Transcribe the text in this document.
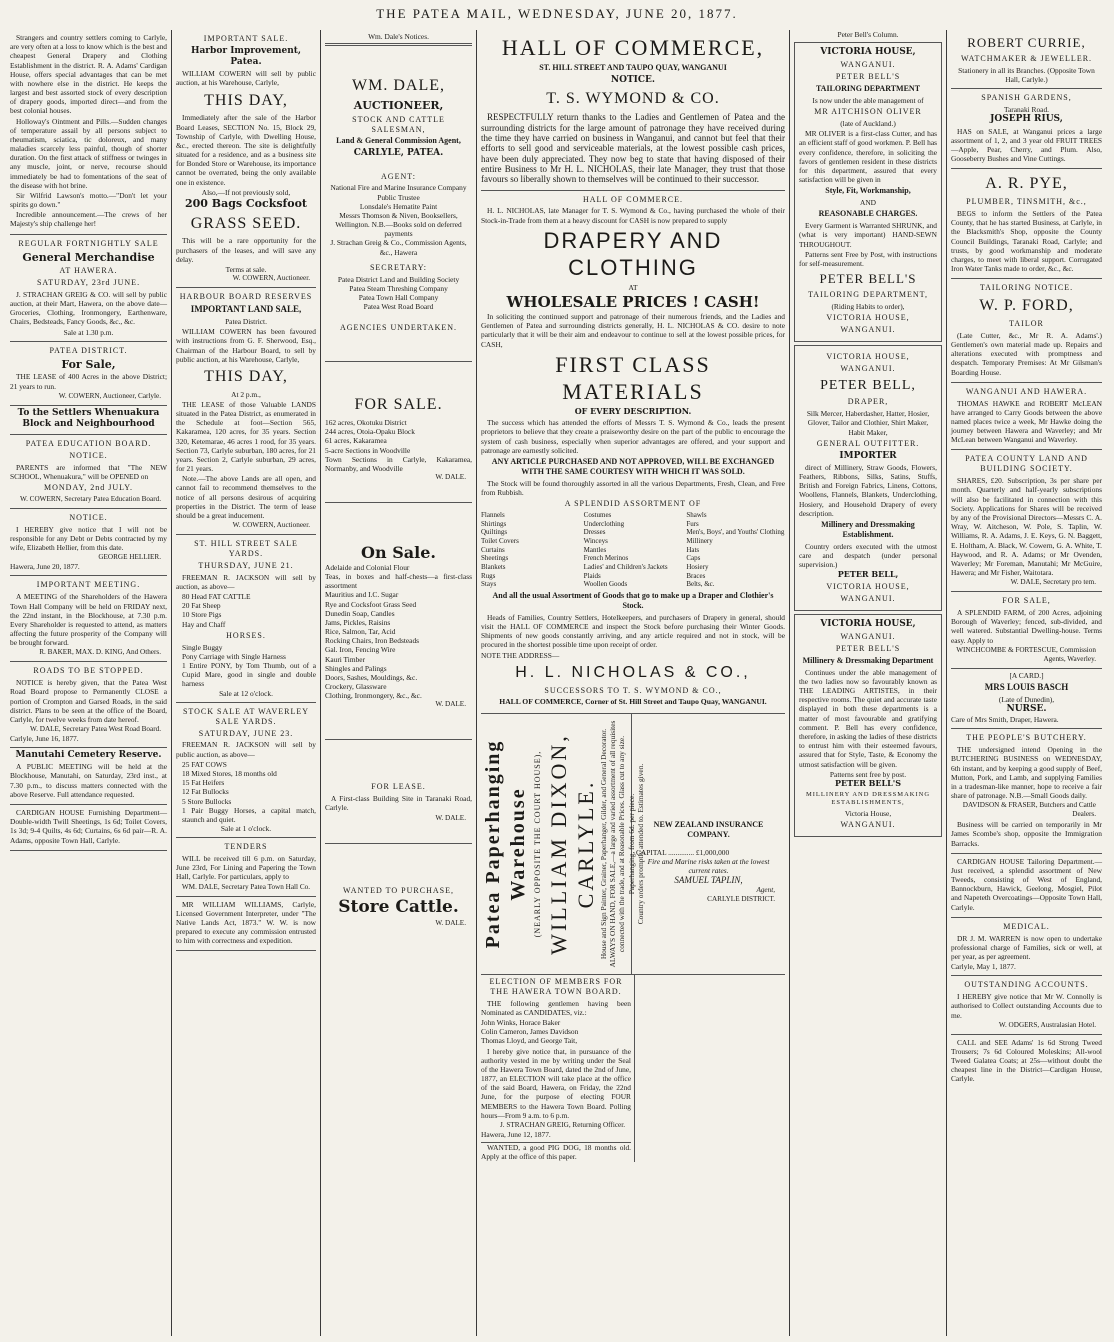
THE PATEA MAIL, WEDNESDAY, JUNE 20, 1877.

Strangers and country settlers coming to Carlyle, are very often at a loss to know which is the best and cheapest General Drapery and Clothing Establishment in the district. R. A. Adams' Cardigan House, offers special advantages that can be met with nowhere else in the district. He keeps the largest and best assorted stock of every description of drapery goods, imported direct—and from the best colonial houses.

Holloway's Ointment and Pills.—Sudden changes of temperature assail by all persons subject to rheumatism, sciatica, tic doloreux, and many maladies scarcely less painful, though of shorter duration. On the first attack of stiffness or twinges in any muscle, joint, or nerve, recourse should immediately be had to fomentations of the seat of the disease with hot brine.

Sir Wilfrid Lawson's motto.—"Don't let your spirits go down."

Incredible announcement.—The crews of her Majesty's ship challenge her!

REGULAR FORTNIGHTLY SALE
General Merchandise
AT HAWERA.
SATURDAY, 23rd JUNE.

J. STRACHAN GREIG & CO. will sell by public auction, at their Mart, Hawera, on the above date—Groceries, Clothing, Ironmongery, Earthenware, Chairs, Bedsteads, Fancy Goods, &c., &c.

Sale at 1.30 p.m.
PATEA DISTRICT.
For Sale,

THE LEASE of 400 Acres in the above District; 21 years to run.

W. COWERN, Auctioneer, Carlyle.
To the Settlers Whenuakura Block and Neighbourhood
PATEA EDUCATION BOARD.
NOTICE.

PARENTS are informed that "The NEW SCHOOL, Whenuakura," will be OPENED on

MONDAY, 2nd JULY.
W. COWERN, Secretary Patea Education Board.
NOTICE.

I HEREBY give notice that I will not be responsible for any Debt or Debts contracted by my wife, Elizabeth Hellier, from this date.

GEORGE HELLIER.
Hawera, June 20, 1877.
IMPORTANT MEETING.

A MEETING of the Shareholders of the Hawera Town Hall Company will be held on FRIDAY next, the 22nd instant, in the Blockhouse, at 7.30 p.m. Every Shareholder is requested to attend, as matters affecting the future prosperity of the Company will be brought forward.

R. BAKER, MAX. D. KING, And Others.
ROADS TO BE STOPPED.

NOTICE is hereby given, that the Patea West Road Board propose to Permanently CLOSE a portion of Crompton and Garsed Roads, in the said district. Plans to be seen at the office of the Board, Carlyle, for twelve weeks from date hereof.

W. DALE, Secretary Patea West Road Board.
Carlyle, June 16, 1877.
Manutahi Cemetery Reserve.

A PUBLIC MEETING will be held at the Blockhouse, Manutahi, on Saturday, 23rd inst., at 7.30 p.m., to discuss matters connected with the above Reserve. Full attendance requested.

CARDIGAN HOUSE Furnishing Department—Double-width Twill Sheetings, 1s 6d; Toilet Covers, 1s 3d; 9-4 Quilts, 4s 6d; Curtains, 6s 6d pair—R. A. Adams, opposite Town Hall, Carlyle.

IMPORTANT SALE.
Harbor Improvement, Patea.

WILLIAM COWERN will sell by public auction, at his Warehouse, Carlyle,

THIS DAY,

Immediately after the sale of the Harbor Board Leases, SECTION No. 15, Block 29, Township of Carlyle, with Dwelling House, &c., erected thereon. The site is delightfully situated for a residence, and as a business site for Bonded Store or Warehouse, its importance cannot be overrated, being the only available one in existence.

Also,—If not previously sold,
200 Bags Cocksfoot
GRASS SEED.

This will be a rare opportunity for the purchasers of the leases, and will save any delay.

Terms at sale.
W. COWERN, Auctioneer.
HARBOUR BOARD RESERVES
IMPORTANT LAND SALE,
Patea District.

WILLIAM COWERN has been favoured with instructions from G. F. Sherwood, Esq., Chairman of the Harbour Board, to sell by public auction, at his Warehouse, Carlyle,

THIS DAY,
At 2 p.m.,

THE LEASE of those Valuable LANDS situated in the Patea District, as enumerated in the Schedule at foot—Section 565, Kakaramea, 120 acres, for 35 years. Section 320, Ketemarae, 46 acres 1 rood, for 35 years. Section 73, Carlyle suburban, 180 acres, for 21 years. Section 2, Carlyle suburban, 29 acres, for 21 years.

Note.—The above Lands are all open, and cannot fail to recommend themselves to the notice of all persons desirous of acquiring properties in the District. The term of lease should be a great inducement.

W. COWERN, Auctioneer.
ST. HILL STREET SALE YARDS.
THURSDAY, JUNE 21.

FREEMAN R. JACKSON will sell by auction, as above—

80 Head FAT CATTLE
20 Fat Sheep
10 Store Pigs
Hay and Chaff
HORSES.
Single Buggy
Pony Carriage with Single Harness
1 Entire PONY, by Tom Thumb, out of a Cupid Mare, good in single and double harness
Sale at 12 o'clock.
STOCK SALE AT WAVERLEY SALE YARDS.
SATURDAY, JUNE 23.

FREEMAN R. JACKSON will sell by public auction, as above—

25 FAT COWS
18 Mixed Stores, 18 months old
15 Fat Heifers
12 Fat Bullocks
5 Store Bullocks
1 Pair Buggy Horses, a capital match, staunch and quiet.
Sale at 1 o'clock.
TENDERS

WILL be received till 6 p.m. on Saturday, June 23rd, For Lining and Papering the Town Hall, Carlyle. For particulars, apply to

WM. DALE, Secretary Patea Town Hall Co.

MR WILLIAM WILLIAMS, Carlyle, Licensed Government Interpreter, under "The Native Lands Act, 1873." W. W. is now prepared to execute any commission entrusted to him with correctness and expedition.

Wm. Dale's Notices.
WM. DALE,
AUCTIONEER,
STOCK AND CATTLE SALESMAN,
Land & General Commission Agent,
CARLYLE, PATEA.
AGENT:
National Fire and Marine Insurance Company
Public Trustee
Lonsdale's Hematite Paint
Messrs Thomson & Niven, Booksellers, Wellington. N.B.—Books sold on deferred payments
J. Strachan Greig & Co., Commission Agents, &c., Hawera
SECRETARY:
Patea District Land and Building Society
Patea Steam Threshing Company
Patea Town Hall Company
Patea West Road Board
AGENCIES UNDERTAKEN.
FOR SALE.
162 acres, Okotuku District
244 acres, Otoia-Opaku Block
61 acres, Kakaramea
5-acre Sections in Woodville
Town Sections in Carlyle, Kakaramea, Normanby, and Woodville
W. DALE.
On Sale.
Adelaide and Colonial Flour
Teas, in boxes and half-chests—a first-class assortment
Mauritius and I.C. Sugar
Rye and Cocksfoot Grass Seed
Dunedin Soap, Candles
Jams, Pickles, Raisins
Rice, Salmon, Tar, Acid
Rocking Chairs, Iron Bedsteads
Gal. Iron, Fencing Wire
Kauri Timber
Shingles and Palings
Doors, Sashes, Mouldings, &c.
Crockery, Glassware
Clothing, Ironmongery, &c., &c.
W. DALE.
FOR LEASE.

A First-class Building Site in Taranaki Road, Carlyle.

W. DALE.
WANTED TO PURCHASE,
Store Cattle.
W. DALE.
HALL OF COMMERCE,
ST. HILL STREET AND TAUPO QUAY, WANGANUI
NOTICE.
T. S. WYMOND & CO.

RESPECTFULLY return thanks to the Ladies and Gentlemen of Patea and the surrounding districts for the large amount of patronage they have received during the time they have carried on business in Wanganui, and cannot but feel that their efforts to sell good and serviceable materials, at the lowest possible cash prices, have been duly appreciated. They now beg to state that having disposed of their entire Business to Mr H. L. NICHOLAS, their late Manager, they trust that those favours so liberally shown to themselves will be continued to their successor.

HALL OF COMMERCE.

H. L. NICHOLAS, late Manager for T. S. Wymond & Co., having purchased the whole of their Stock-in-Trade from them at a heavy discount for CASH is now prepared to supply

DRAPERY AND CLOTHING
AT
WHOLESALE PRICES ! CASH!

In soliciting the continued support and patronage of their numerous friends, and the Ladies and Gentlemen of Patea and surrounding districts generally, H. L. NICHOLAS & CO. desire to note particularly that it will be their aim and endeavour to continue to sell at the lowest possible prices, for CASH,

FIRST CLASS MATERIALS
OF EVERY DESCRIPTION.

The success which has attended the efforts of Messrs T. S. Wymond & Co., leads the present proprietors to believe that they create a praiseworthy desire on the part of the public to encourage the system of cash business, especially when superior advantages are offered, and your support and patronage are earnestly solicited.

ANY ARTICLE PURCHASED AND NOT APPROVED, WILL BE EXCHANGED WITH THE SAME COURTESY WITH WHICH IT WAS SOLD.

The Stock will be found thoroughly assorted in all the various Departments, Fresh, Clean, and Free from Rubbish.

A SPLENDID ASSORTMENT OF
Flannels
Shirtings
Quiltings
Toilet Covers
Curtains
Sheetings
Blankets
Rugs
Stays
Costumes
Underclothing
Dresses
Winceys
Mantles
French Merinos
Ladies' and Children's Jackets
Plaids
Woollen Goods
Shawls
Furs
Men's, Boys', and Youths' Clothing
Millinery
Hats
Caps
Hosiery
Braces
Belts, &c.
And all the usual Assortment of Goods that go to make up a Draper and Clothier's Stock.

Heads of Families, Country Settlers, Hotelkeepers, and purchasers of Drapery in general, should visit the HALL OF COMMERCE and inspect the Stock before purchasing their Winter Goods. Shipments of new goods constantly arriving, and any article required and not in stock, will be procured in the shortest possible time upon receipt of order.

NOTE THE ADDRESS—
H. L. NICHOLAS & CO.,
SUCCESSORS TO T. S. WYMOND & CO.,
HALL OF COMMERCE, Corner of St. Hill Street and Taupo Quay, WANGANUI.
Patea Paperhanging Warehouse (NEARLY OPPOSITE THE COURT HOUSE), WILLIAM DIXON, CARLYLE. House and Sign Painter, Grainer, Paperhanger, Gilder, and General Decorator. ALWAYS ON HAND, FOR SALE,—a large and varied assortment of all requisites connected with the trade, and at Reasonable Prices. Glass cut to any size. Paperhanging, from 6d. per piece. Country orders promptly attended to. Estimates given.	NEW ZEALAND INSURANCE COMPANY.
CAPITAL .............. £1,000,000
Fire and Marine risks taken at the lowest current rates.
SAMUEL TAPLIN,
Agent,
CARLYLE DISTRICT.
ELECTION OF MEMBERS FOR THE HAWERA TOWN BOARD.

THE following gentlemen having been Nominated as CANDIDATES, viz.:

John Winks, Horace Baker
Colin Cameron, James Davidson
Thomas Lloyd, and George Tait,

I hereby give notice that, in pursuance of the authority vested in me by writing under the Seal of the Hawera Town Board, dated the 2nd of June, 1877, an ELECTION will take place at the office of the said Board, Hawera, on Friday, the 22nd June, for the purpose of electing FOUR MEMBERS to the Hawera Town Board. Polling hours—From 9 a.m. to 6 p.m.

J. STRACHAN GREIG, Returning Officer.
Hawera, June 12, 1877.

WANTED, a good PIG DOG, 18 months old. Apply at the office of this paper.

Peter Bell's Column.
VICTORIA HOUSE,
WANGANUI.
PETER BELL'S
TAILORING DEPARTMENT
Is now under the able management of
MR AITCHISON OLIVER
(late of Auckland.)

MR OLIVER is a first-class Cutter, and has an efficient staff of good workmen. P. Bell has every confidence, therefore, in soliciting the favors of gentlemen resident in these districts for this department, assured that every satisfaction will be given in

Style, Fit, Workmanship,
AND
REASONABLE CHARGES.

Every Garment is Warranted SHRUNK, and (what is very important) HAND-SEWN THROUGHOUT.

Patterns sent Free by Post, with instructions for self-measurement.

PETER BELL'S
TAILORING DEPARTMENT,
(Riding Habits to order),
VICTORIA HOUSE,
WANGANUI.
VICTORIA HOUSE,
WANGANUI.
PETER BELL,
DRAPER,
Silk Mercer, Haberdasher, Hatter, Hosier, Glover, Tailor and Clothier, Shirt Maker, Habit Maker,
GENERAL OUTFITTER.
IMPORTER

direct of Millinery, Straw Goods, Flowers, Feathers, Ribbons, Silks, Satins, Stuffs, British and Foreign Fabrics, Linens, Cottons, Woollens, Flannels, Blankets, Underclothing, Hosiery, and Household Drapery of every description.

Millinery and Dressmaking Establishment.

Country orders executed with the utmost care and despatch (under personal supervision.)

PETER BELL,
VICTORIA HOUSE,
WANGANUI.
VICTORIA HOUSE,
WANGANUI.
PETER BELL'S
Millinery & Dressmaking Department

Continues under the able management of the two ladies now so favourably known as THE LEADING ARTISTES, in their respective rooms. The quiet and accurate taste displayed in both these departments is a matter of most favourable and gratifying comment. P. Bell has every confidence, therefore, in asking the ladies of these districts to entrust him with their esteemed favours, assured that for Style, Taste, & Economy the utmost satisfaction will be given.

Patterns sent free by post.
PETER BELL'S
MILLINERY AND DRESSMAKING ESTABLISHMENTS,
Victoria House,
WANGANUI.
ROBERT CURRIE,
WATCHMAKER & JEWELLER.
Stationery in all its Branches. (Opposite Town Hall, Carlyle.)
SPANISH GARDENS,
Taranaki Road.
JOSEPH RIUS,

HAS on SALE, at Wanganui prices a large assortment of 1, 2, and 3 year old FRUIT TREES—Apple, Pear, Cherry, and Plum. Also, Gooseberry Bushes and Vine Cuttings.

A. R. PYE,
PLUMBER, TINSMITH, &c.,

BEGS to inform the Settlers of the Patea County, that he has started Business, at Carlyle, in the Blacksmith's Shop, opposite the County Council Buildings, Taranaki Road, Carlyle; and trusts, by good workmanship and moderate charges, to meet with liberal support. Corrugated Iron Water Tanks made to order, &c., &c.

TAILORING NOTICE.
W. P. FORD,
TAILOR

(Late Cutter, &c., Mr R. A. Adams'.) Gentlemen's own material made up. Repairs and alterations executed with promptness and despatch. Temporary Premises: At Mr Gilsman's Boarding House.

WANGANUI AND HAWERA.

THOMAS HAWKE and ROBERT McLEAN have arranged to Carry Goods between the above named places twice a week, Mr Hawke doing the journey between Hawera and Waverley; and Mr McLean between Wanganui and Waverley.

PATEA COUNTY LAND AND BUILDING SOCIETY.

SHARES, £20. Subscription, 3s per share per month. Quarterly and half-yearly subscriptions will also be facilitated in connection with this Society. Applications for Shares will be received by any of the Provisional Directors—Messrs C. A. Wray, W. Aitcheson, W. Pole, S. Taplin, W. Williams, R. A. Adams, J. E. Keys, G. N. Baggett, E. Holtham, A. Black, W. Cowern, G. A. White, T. Haywood, and R. A. Adams; or Mr Ovenden, Waverley; Mr Foreman, Manutahi; Mr McGuire, Hawera; and Mr Fisher, Waitotara.

W. DALE, Secretary pro tem.
FOR SALE,

A SPLENDID FARM, of 200 Acres, adjoining Borough of Waverley; fenced, sub-divided, and well watered. Substantial Dwelling-house. Terms easy. Apply to

WINCHCOMBE & FORTESCUE, Commission Agents, Waverley.
[A CARD.]
MRS LOUIS BASCH
(Late of Dunedin),
NURSE.
Care of Mrs Smith, Draper, Hawera.
THE PEOPLE'S BUTCHERY.

THE undersigned intend Opening in the BUTCHERING BUSINESS on WEDNESDAY, 6th instant, and by keeping a good supply of Beef, Mutton, Pork, and Lamb, and supplying Families in a tradesman-like manner, hope to receive a fair share of patronage. N.B.—Small Goods daily.

DAVIDSON & FRASER, Butchers and Cattle Dealers.

Business will be carried on temporarily in Mr James Scombe's shop, opposite the Immigration Barracks.

CARDIGAN HOUSE Tailoring Department.—Just received, a splendid assortment of New Tweeds, consisting of West of England, Bannockburn, Hawick, Geelong, Mosgiel, Pilot and Napeteth Overcoatings—Opposite Town Hall, Carlyle.

MEDICAL.

DR J. M. WARREN is now open to undertake professional charge of Families, sick or well, at per year, as per agreement.

Carlyle, May 1, 1877.
OUTSTANDING ACCOUNTS.

I HEREBY give notice that Mr W. Connolly is authorised to Collect outstanding Accounts due to me.

W. ODGERS, Australasian Hotel.

CALL and SEE Adams' 1s 6d Strong Tweed Trousers; 7s 6d Coloured Moleskins; All-wool Tweed Galatea Coats; at 25s—without doubt the cheapest line in the District—Cardigan House, Carlyle.
